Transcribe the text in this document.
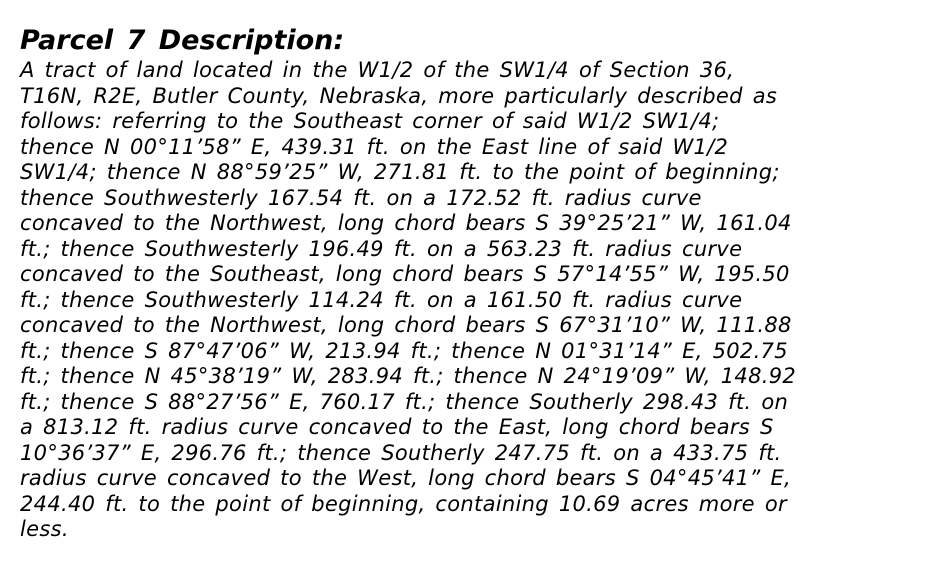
Parcel 7 Description:
A tract of land located in the W1/2 of the SW1/4 of Section 36,
T16N, R2E, Butler County, Nebraska, more particularly described as
follows: referring to the Southeast corner of said W1/2 SW1/4;
thence N 00°11’58” E, 439.31 ft. on the East line of said W1/2
SW1/4; thence N 88°59’25” W, 271.81 ft. to the point of beginning;
thence Southwesterly 167.54 ft. on a 172.52 ft. radius curve
concaved to the Northwest, long chord bears S 39°25’21” W, 161.04
ft.; thence Southwesterly 196.49 ft. on a 563.23 ft. radius curve
concaved to the Southeast, long chord bears S 57°14’55” W, 195.50
ft.; thence Southwesterly 114.24 ft. on a 161.50 ft. radius curve
concaved to the Northwest, long chord bears S 67°31’10” W, 111.88
ft.; thence S 87°47’06” W, 213.94 ft.; thence N 01°31’14” E, 502.75
ft.; thence N 45°38’19” W, 283.94 ft.; thence N 24°19’09” W, 148.92
ft.; thence S 88°27’56” E, 760.17 ft.; thence Southerly 298.43 ft. on
a 813.12 ft. radius curve concaved to the East, long chord bears S
10°36’37” E, 296.76 ft.; thence Southerly 247.75 ft. on a 433.75 ft.
radius curve concaved to the West, long chord bears S 04°45’41” E,
244.40 ft. to the point of beginning, containing 10.69 acres more or
less.
